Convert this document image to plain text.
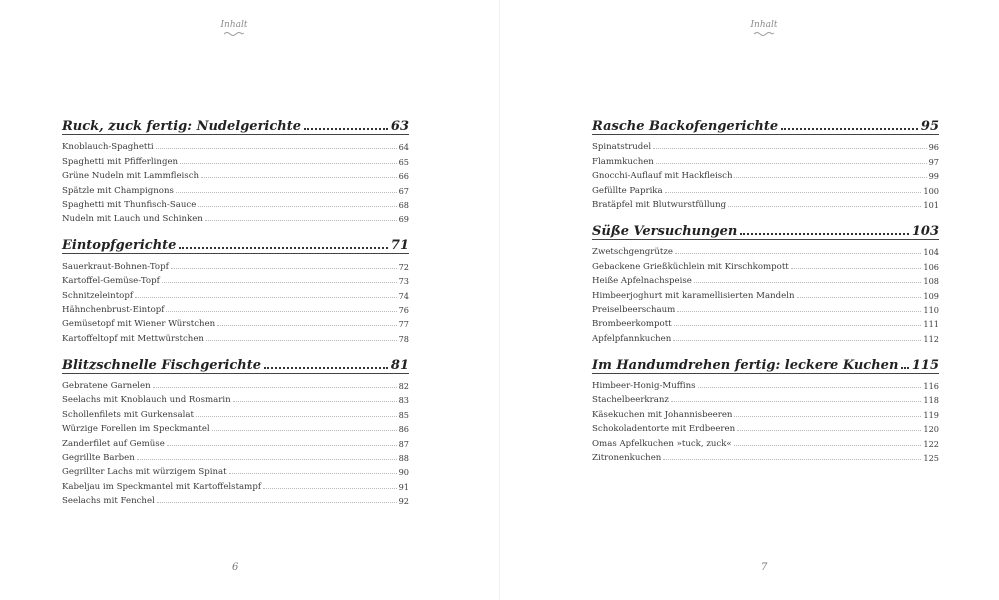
Inhalt
Ruck, zuck fertig: Nudelgerichte	63
Knoblauch-Spaghetti	64
Spaghetti mit Pfifferlingen	65
Grüne Nudeln mit Lammfleisch	66
Spätzle mit Champignons	67
Spaghetti mit Thunfisch-Sauce	68
Nudeln mit Lauch und Schinken	69
Eintopfgerichte	71
Sauerkraut-Bohnen-Topf	72
Kartoffel-Gemüse-Topf	73
Schnitzeleintopf	74
Hähnchenbrust-Eintopf	76
Gemüsetopf mit Wiener Würstchen	77
Kartoffeltopf mit Mettwürstchen	78
Blitzschnelle Fischgerichte	81
Gebratene Garnelen	82
Seelachs mit Knoblauch und Rosmarin	83
Schollenfilets mit Gurkensalat	85
Würzige Forellen im Speckmantel	86
Zanderfilet auf Gemüse	87
Gegrillte Barben	88
Gegrillter Lachs mit würzigem Spinat	90
Kabeljau im Speckmantel mit Kartoffelstampf	91
Seelachs mit Fenchel	92
6
Inhalt
Rasche Backofengerichte	95
Spinatstrudel	96
Flammkuchen	97
Gnocchi-Auflauf mit Hackfleisch	99
Gefüllte Paprika	100
Bratäpfel mit Blutwurstfüllung	101
Süße Versuchungen	103
Zwetschgengrütze	104
Gebackene Grießküchlein mit Kirschkompott	106
Heiße Apfelnachspeise	108
Himbeerjoghurt mit karamellisierten Mandeln	109
Preiselbeerschaum	110
Brombeerkompott	111
Apfelpfannkuchen	112
Im Handumdrehen fertig: leckere Kuchen 115
Himbeer-Honig-Muffins	116
Stachelbeerkranz	118
Käsekuchen mit Johannisbeeren	119
Schokoladentorte mit Erdbeeren	120
Omas Apfelkuchen »tuck, zuck«	122
Zitronenkuchen	125
7
